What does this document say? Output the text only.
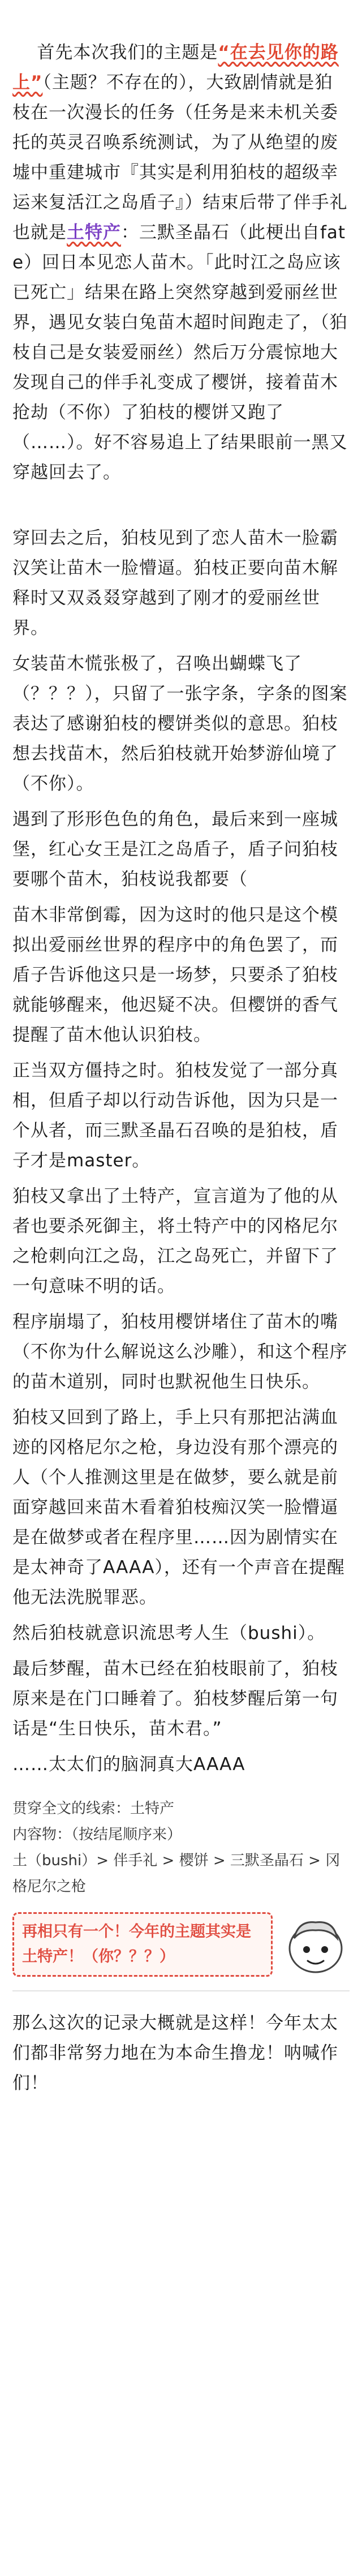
首先本次我们的主题是“在去见你的路上”（主题？不存在的），大致剧情就是狛枝在一次漫长的任务（任务是来未机关委托的英灵召唤系统测试，为了从绝望的废墟中重建城市『其实是利用狛枝的超级幸运来复活江之岛盾子』）结束后带了伴手礼也就是土特产：三默圣晶石（此梗出自fate）回日本见恋人苗木。「此时江之岛应该已死亡」结果在路上突然穿越到爱丽丝世界，遇见女装白兔苗木超时间跑走了，（狛枝自己是女装爱丽丝）然后万分震惊地大发现自己的伴手礼变成了樱饼，接着苗木抢劫（不你）了狛枝的樱饼又跑了（……）。好不容易追上了结果眼前一黑又穿越回去了。

穿回去之后，狛枝见到了恋人苗木一脸霸汉笑让苗木一脸懵逼。狛枝正要向苗木解释时又双叒叕穿越到了刚才的爱丽丝世界。

女装苗木慌张极了，召唤出蝴蝶飞了（？？？），只留了一张字条，字条的图案表达了感谢狛枝的樱饼类似的意思。狛枝想去找苗木，然后狛枝就开始梦游仙境了（不你）。

遇到了形形色色的角色，最后来到一座城堡，红心女王是江之岛盾子，盾子问狛枝要哪个苗木，狛枝说我都要（

苗木非常倒霉，因为这时的他只是这个模拟出爱丽丝世界的程序中的角色罢了，而盾子告诉他这只是一场梦，只要杀了狛枝就能够醒来，他迟疑不决。但樱饼的香气提醒了苗木他认识狛枝。

正当双方僵持之时。狛枝发觉了一部分真相，但盾子却以行动告诉他，因为只是一个从者，而三默圣晶石召唤的是狛枝，盾子才是master。

狛枝又拿出了土特产，宣言道为了他的从者也要杀死御主，将土特产中的冈格尼尔之枪刺向江之岛，江之岛死亡，并留下了一句意味不明的话。

程序崩塌了，狛枝用樱饼堵住了苗木的嘴（不你为什么解说这么沙雕），和这个程序的苗木道别，同时也默祝他生日快乐。

狛枝又回到了路上，手上只有那把沾满血迹的冈格尼尔之枪，身边没有那个漂亮的人（个人推测这里是在做梦，要么就是前面穿越回来苗木看着狛枝痴汉笑一脸懵逼是在做梦或者在程序里……因为剧情实在是太神奇了AAAA），还有一个声音在提醒他无法洗脱罪恶。

然后狛枝就意识流思考人生（bushi）。

最后梦醒，苗木已经在狛枝眼前了，狛枝原来是在门口睡着了。狛枝梦醒后第一句话是“生日快乐，苗木君。”

……太太们的脑洞真大AAAA

贯穿全文的线索：土特产
内容物：（按结尾顺序来）
土（bushi）> 伴手礼 > 樱饼 > 三默圣晶石 > 冈格尼尔之枪
再相只有一个！今年的主题其实是土特产！（你？？？）

那么这次的记录大概就是这样！今年太太们都非常努力地在为本命生撸龙！呐喊作们！
